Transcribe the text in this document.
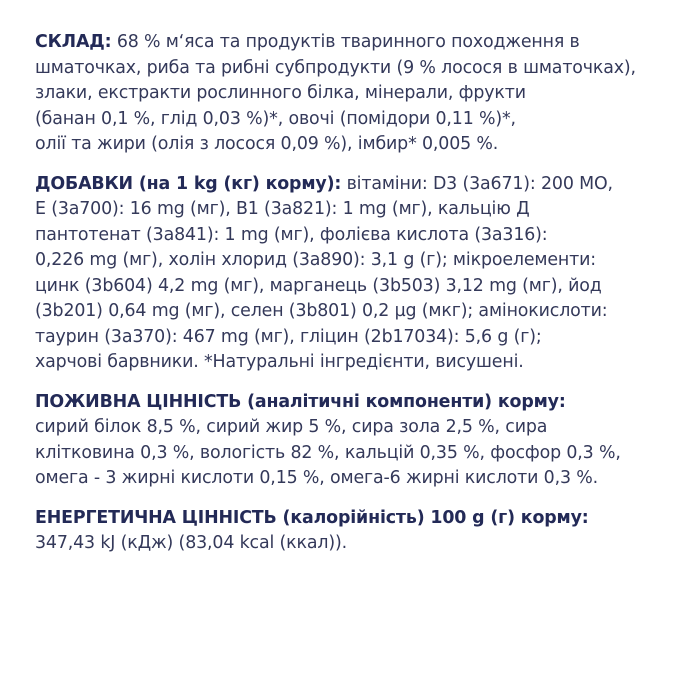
СКЛАД: 68 % м‘яса та продуктів тваринного походження в
шматочках, риба та рибні субпродукти (9 % лосося в шматочках),
злаки, екстракти рослинного білка, мінерали, фрукти
(банан 0,1 %, глід 0,03 %)*, овочі (помідори 0,11 %)*,
олії та жири (олія з лосося 0,09 %), імбир* 0,005 %.

ДОБАВКИ (на 1 kg (кг) корму): вітаміни: D3 (3a671): 200 МО,
E (3a700): 16 mg (мг), B1 (3a821): 1 mg (мг), кальцію Д
пантотенат (3a841): 1 mg (мг), фолієва кислота (3a316):
0,226 mg (мг), холін хлорид (3a890): 3,1 g (г); мікроелементи:
цинк (3b604) 4,2 mg (мг), марганець (3b503) 3,12 mg (мг), йод
(3b201) 0,64 mg (мг), селен (3b801) 0,2 µg (мкг); амінокислоти:
таурин (3a370): 467 mg (мг), гліцин (2b17034): 5,6 g (г);
харчові барвники. *Натуральні інгредієнти, висушені.

ПОЖИВНА ЦІННІСТЬ (аналітичні компоненти) корму:
сирий білок 8,5 %, сирий жир 5 %, сира зола 2,5 %, сира
клітковина 0,3 %, вологість 82 %, кальцій 0,35 %, фосфор 0,3 %,
омега - 3 жирні кислоти 0,15 %, омега-6 жирні кислоти 0,3 %.

ЕНЕРГЕТИЧНА ЦІННІСТЬ (калорійність) 100 g (г) корму:
347,43 kJ (кДж) (83,04 kcal (ккал)).
